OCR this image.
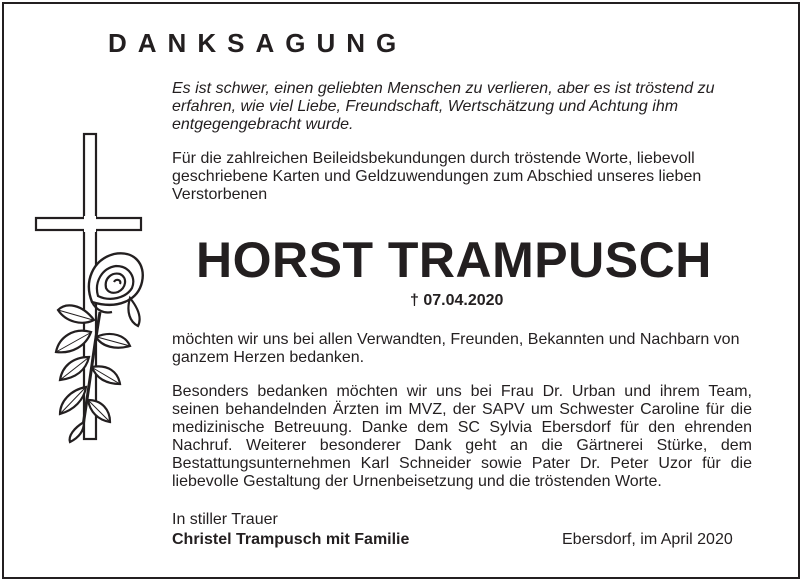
DANKSAGUNG
Es ist schwer, einen geliebten Menschen zu verlieren, aber es ist tröstend zu erfahren, wie viel Liebe, Freundschaft, Wertschätzung und Achtung ihm entgegengebracht wurde.
Für die zahlreichen Beileidsbekundungen durch tröstende Worte, liebevoll geschriebene Karten und Geldzuwendungen zum Abschied unseres lieben Verstorbenen
HORST TRAMPUSCH
† 07.04.2020
möchten wir uns bei allen Verwandten, Freunden, Bekannten und Nachbarn von ganzem Herzen bedanken.
Besonders bedanken möchten wir uns bei Frau Dr. Urban und ihrem Team, seinen behandelnden Ärzten im MVZ, der SAPV um Schwester Caroline für die medizinische Betreuung. Danke dem SC Sylvia Ebersdorf für den ehrenden Nachruf. Weiterer besonderer Dank geht an die Gärtnerei Stürke, dem Bestattungsunternehmen Karl Schneider sowie Pater Dr. Peter Uzor für die liebevolle Gestaltung der Urnenbeisetzung und die tröstenden Worte.
In stiller Trauer
Christel Trampusch mit Familie	Ebersdorf, im April 2020
